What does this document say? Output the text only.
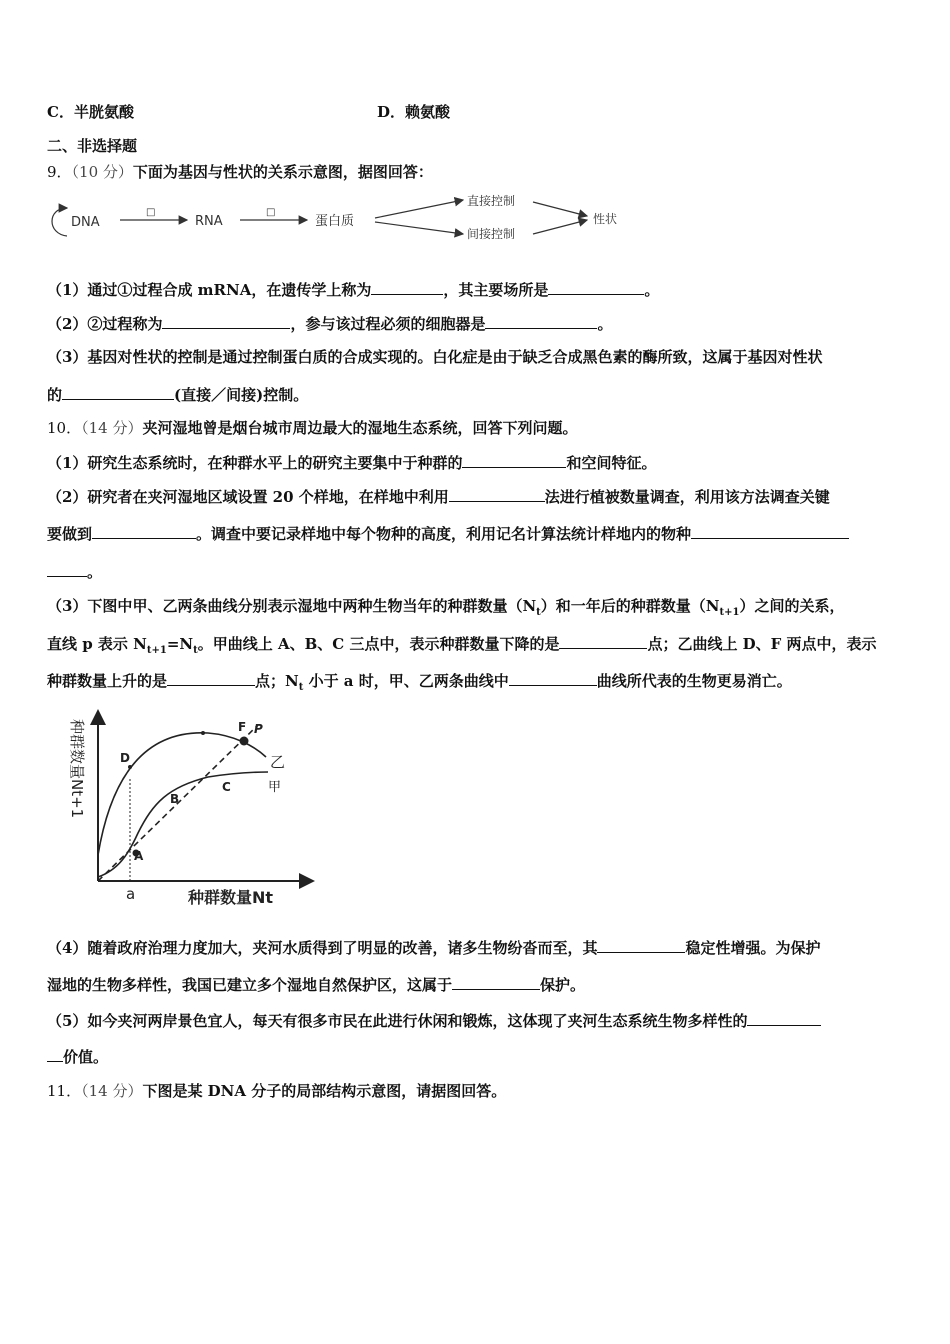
C．半胱氨酸	D．赖氨酸
二、非选择题
9．（10 分）下面为基因与性状的关系示意图，据图回答：
DNA
□
RNA
□
蛋白质
直接控制
间接控制
性状
（1）通过①过程合成 mRNA，在遗传学上称为	，其主要场所是	。
（2）②过程称为	，参与该过程必须的细胞器是	。
（3）基因对性状的控制是通过控制蛋白质的合成实现的。白化症是由于缺乏合成黑色素的酶所致，这属于基因对性状
的	(直接／间接)控制。
10．（14 分）夹河湿地曾是烟台城市周边最大的湿地生态系统，回答下列问题。
（1）研究生态系统时，在种群水平上的研究主要集中于种群的	和空间特征。
（2）研究者在夹河湿地区域设置 20 个样地，在样地中利用	法进行植被数量调查，利用该方法调查关键
要做到	。调查中要记录样地中每个物种的高度，利用记名计算法统计样地内的物种
。
（3）下图中甲、乙两条曲线分别表示湿地中两种生物当年的种群数量$(N_t)$和一年后的种群数量$(N_{t+1})$之间的关系，
直线 p 表示 $N_{t+1}=N_t$。甲曲线上 A、B、C 三点中，表示种群数量下降的是	点；乙曲线上 D、F 两点中，表示
种群数量上升的是	点；$N_t$ 小于 a 时，甲、乙两条曲线中	曲线所代表的生物更易消亡。
种群数量Nt+1
种群数量Nt
a
D
A
B
C
F P
乙
甲
（4）随着政府治理力度加大，夹河水质得到了明显的改善，诸多生物纷沓而至，其	稳定性增强。为保护
湿地的生物多样性，我国已建立多个湿地自然保护区，这属于	保护。
（5）如今夹河两岸景色宜人，每天有很多市民在此进行休闲和锻炼，这体现了夹河生态系统生物多样性的
价值。
11．（14 分）下图是某 DNA 分子的局部结构示意图，请据图回答。
